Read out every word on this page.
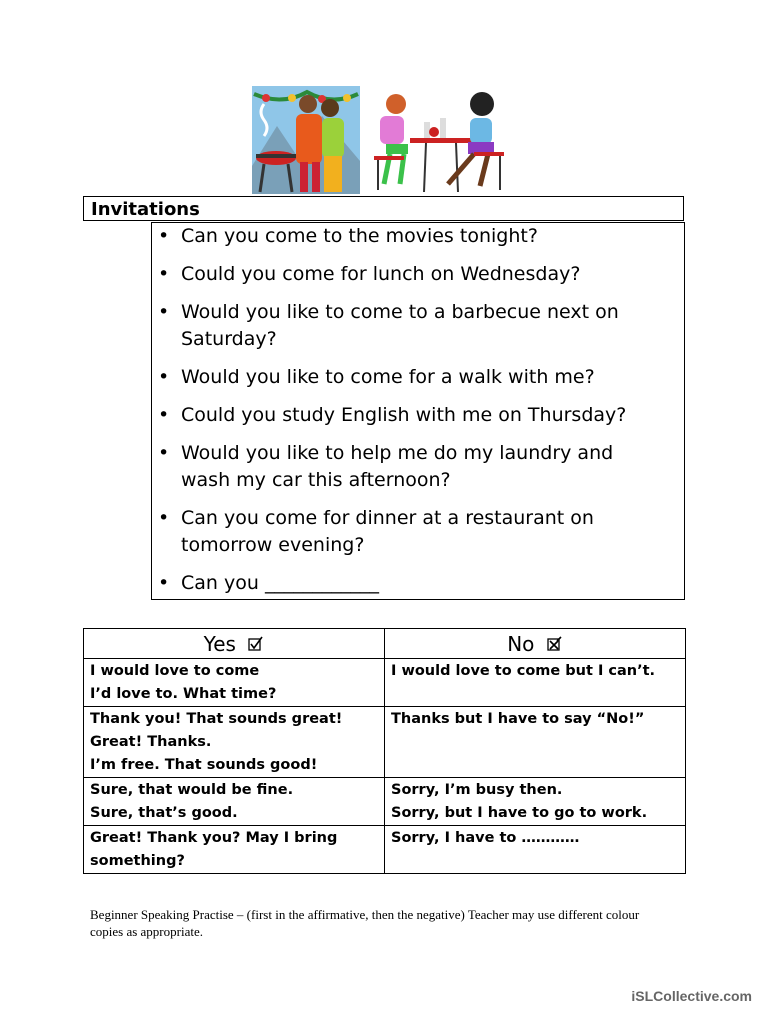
Invitations
• Can you come to the movies tonight?
• Could you come for lunch on Wednesday?
• Would you like to come to a barbecue next on Saturday?
• Would you like to come for a walk with me?
• Could you study English with me on Thursday?
• Would you like to help me do my laundry and wash my car this afternoon?
• Can you come for dinner at a restaurant on tomorrow evening?
• Can you ____________
Yes	No

I would love to come
I’d love to. What time?	I would love to come but I can’t.

Thank you! That sounds great!
Great! Thanks.
I’m free. That sounds good!	Thanks but I have to say “No!”

Sure, that would be fine.
Sure, that’s good.	Sorry, I’m busy then.
Sorry, but I have to go to work.

Great! Thank you? May I bring
something?	Sorry, I have to …………
Beginner Speaking Practise – (first in the affirmative, then the negative) Teacher may use different colour copies as appropriate.
iSLCollective.com
